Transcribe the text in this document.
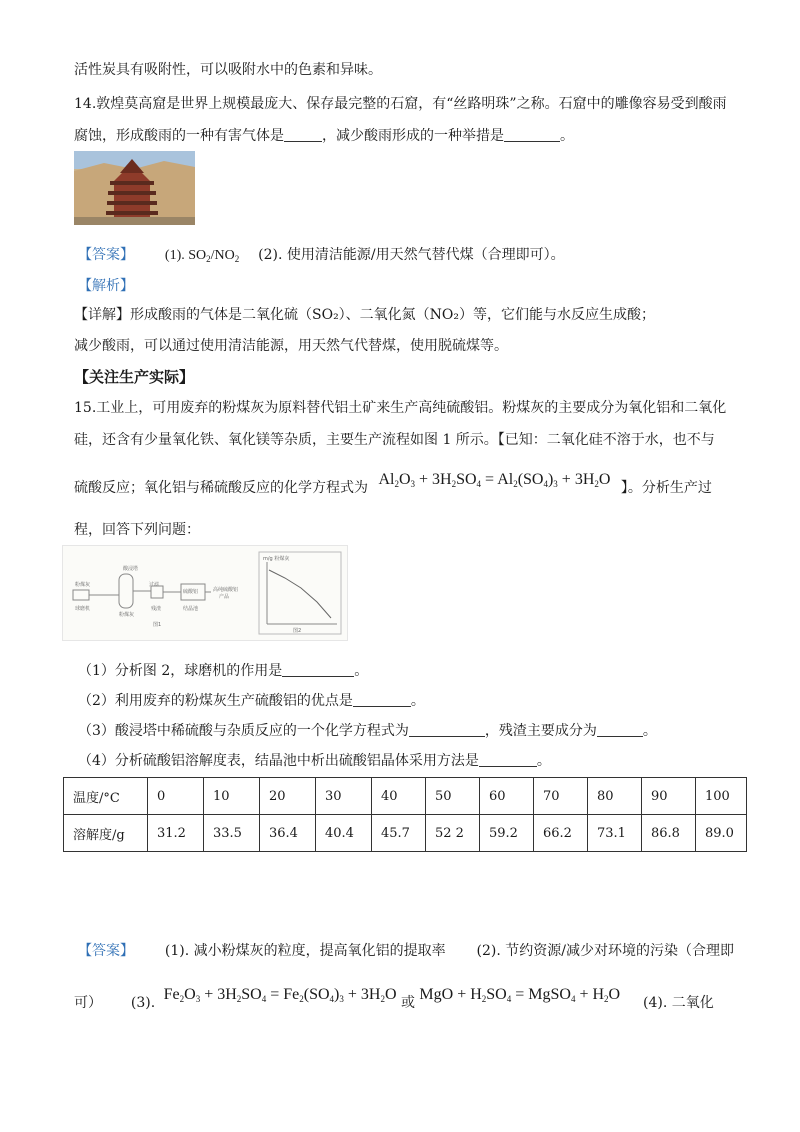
活性炭具有吸附性，可以吸附水中的色素和异味。
14.敦煌莫高窟是世界上规模最庞大、保存最完整的石窟，有“丝路明珠”之称。石窟中的雕像容易受到酸雨
腐蚀，形成酸雨的一种有害气体是	，减少酸雨形成的一种举措是	。
【答案】 (1). $SO_2/NO_2$ (2). 使用清洁能源/用天然气替代煤（合理即可）。
【解析】
【详解】形成酸雨的气体是二氧化硫（SO₂）、二氧化氮（NO₂）等，它们能与水反应生成酸；
减少酸雨，可以通过使用清洁能源，用天然气代替煤，使用脱硫煤等。
【关注生产实际】
15.工业上，可用废弃的粉煤灰为原料替代铝土矿来生产高纯硫酸铝。粉煤灰的主要成分为氧化铝和二氧化
硅，还含有少量氧化铁、氧化镁等杂质，主要生产流程如图 1 所示。【已知：二氧化硅不溶于水，也不与
硫酸反应；氧化铝与稀硫酸反应的化学方程式为 $Al_2O_3 + 3H_2SO_4 = Al_2(SO_4)_3 + 3H_2O$ 】。分析生产过
程，回答下列问题：
粉煤灰
球磨机
酸浸塔
粉煤灰
过滤
残渣
硫酸铝
结晶池
高纯硫酸铝
产品
图1
m/g 粉煤灰
图2
（1）分析图 2，球磨机的作用是	。
（2）利用废弃的粉煤灰生产硫酸铝的优点是	。
（3）酸浸塔中稀硫酸与杂质反应的一个化学方程式为	，残渣主要成分为	。
（4）分析硫酸铝溶解度表，结晶池中析出硫酸铝晶体采用方法是	。
温度/°C	0	10	20	30	40	50	60	70	80	90	100
溶解度/g	31.2	33.5	36.4	40.4	45.7	52 2	59.2	66.2	73.1	86.8	89.0
【答案】 (1). 减小粉煤灰的粒度，提高氧化铝的提取率 (2). 节约资源/减少对环境的污染（合理即
可） (3). $Fe_2O_3 + 3H_2SO_4 = Fe_2(SO_4)_3 + 3H_2O$ 或 MgO + $H_2SO_4$ = MgSO$_4$ + $H_2O$ (4). 二氧化
